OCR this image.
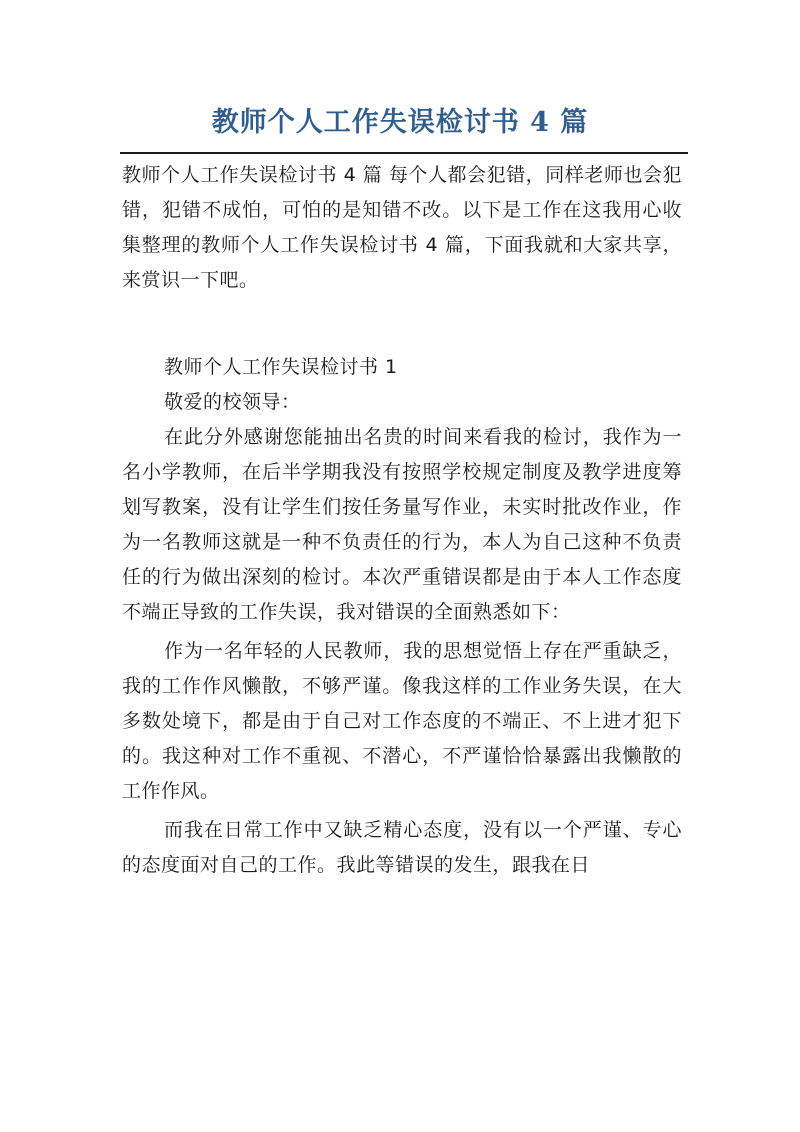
教师个人工作失误检讨书 4 篇

教师个人工作失误检讨书 4 篇 每个人都会犯错，同样老师也会犯错，犯错不成怕，可怕的是知错不改。以下是工作在这我用心收集整理的教师个人工作失误检讨书 4 篇，下面我就和大家共享，来赏识一下吧。

教师个人工作失误检讨书 1

敬爱的校领导：

在此分外感谢您能抽出名贵的时间来看我的检讨，我作为一名小学教师，在后半学期我没有按照学校规定制度及教学进度筹划写教案，没有让学生们按任务量写作业，未实时批改作业，作为一名教师这就是一种不负责任的行为，本人为自己这种不负责任的行为做出深刻的检讨。本次严重错误都是由于本人工作态度不端正导致的工作失误，我对错误的全面熟悉如下：

作为一名年轻的人民教师，我的思想觉悟上存在严重缺乏，我的工作作风懒散，不够严谨。像我这样的工作业务失误，在大多数处境下，都是由于自己对工作态度的不端正、不上进才犯下的。我这种对工作不重视、不潜心，不严谨恰恰暴露出我懒散的工作作风。

而我在日常工作中又缺乏精心态度，没有以一个严谨、专心的态度面对自己的工作。我此等错误的发生，跟我在日
